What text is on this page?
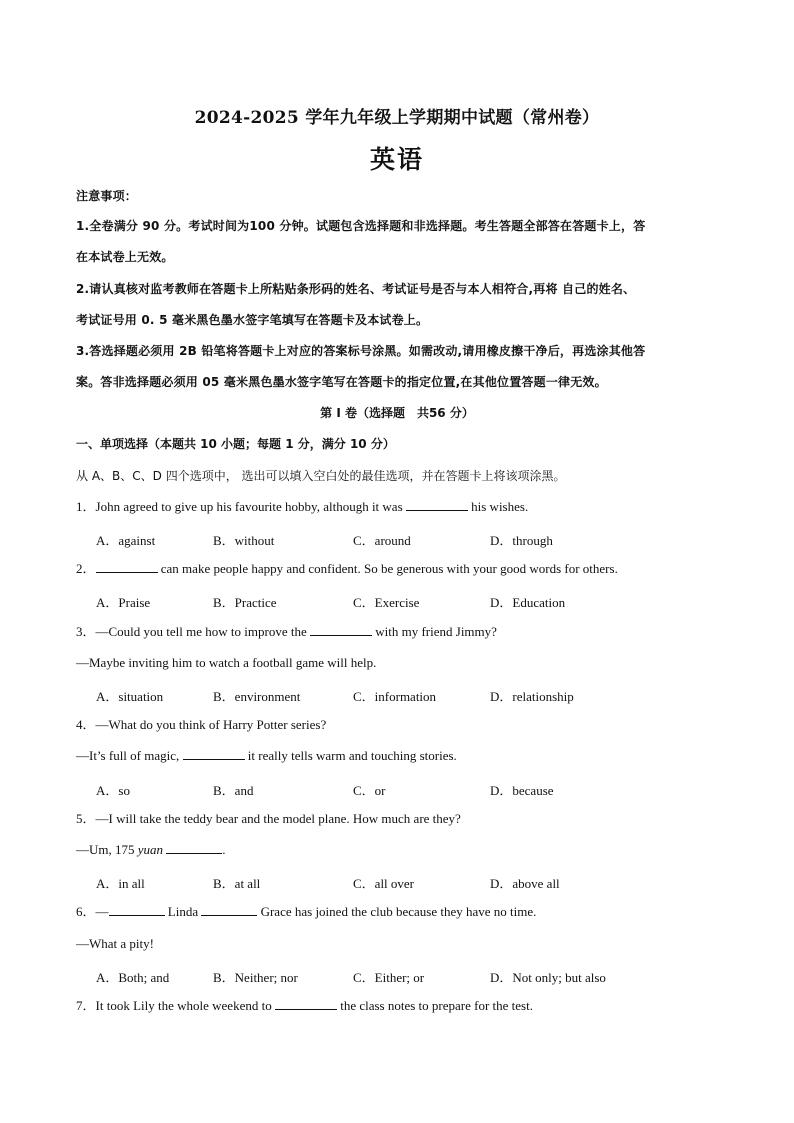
2024-2025 学年九年级上学期期中试题（常州卷）
英语
注意事项：
1.全卷满分 90 分。考试时间为100 分钟。试题包含选择题和非选择题。考生答题全部答在答题卡上，答
在本试卷上无效。
2.请认真核对监考教师在答题卡上所粘贴条形码的姓名、考试证号是否与本人相符合,再将 自己的姓名、
考试证号用 0. 5 毫米黑色墨水签字笔填写在答题卡及本试卷上。
3.答选择题必须用 2B 铅笔将答题卡上对应的答案标号涂黑。如需改动,请用橡皮擦干净后，再选涂其他答
案。答非选择题必须用 05 毫米黑色墨水签字笔写在答题卡的指定位置,在其他位置答题一律无效。
第 I 卷（选择题　共56 分）
一、单项选择（本题共 10 小题；每题 1 分，满分 10 分）
从 A、B、C、D 四个选项中， 选出可以填入空白处的最佳选项，并在答题卡上将该项涂黑。
1．John agreed to give up his favourite hobby, although it was	his wishes.
A．against	B．without	C．around	D．through
2．	can make people happy and confident. So be generous with your good words for others.
A．Praise	B．Practice	C．Exercise	D．Education
3．—Could you tell me how to improve the	with my friend Jimmy?
—Maybe inviting him to watch a football game will help.
A．situation	B．environment	C．information	D．relationship
4．—What do you think of Harry Potter series?
—It’s full of magic,	it really tells warm and touching stories.
A．so	B．and	C．or	D．because
5．—I will take the teddy bear and the model plane. How much are they?
—Um, 175 yuan	.
A．in all	B．at all	C．all over	D．above all
6．—	Linda	Grace has joined the club because they have no time.
—What a pity!
A．Both; and	B．Neither; nor	C．Either; or	D．Not only; but also
7．It took Lily the whole weekend to	the class notes to prepare for the test.
